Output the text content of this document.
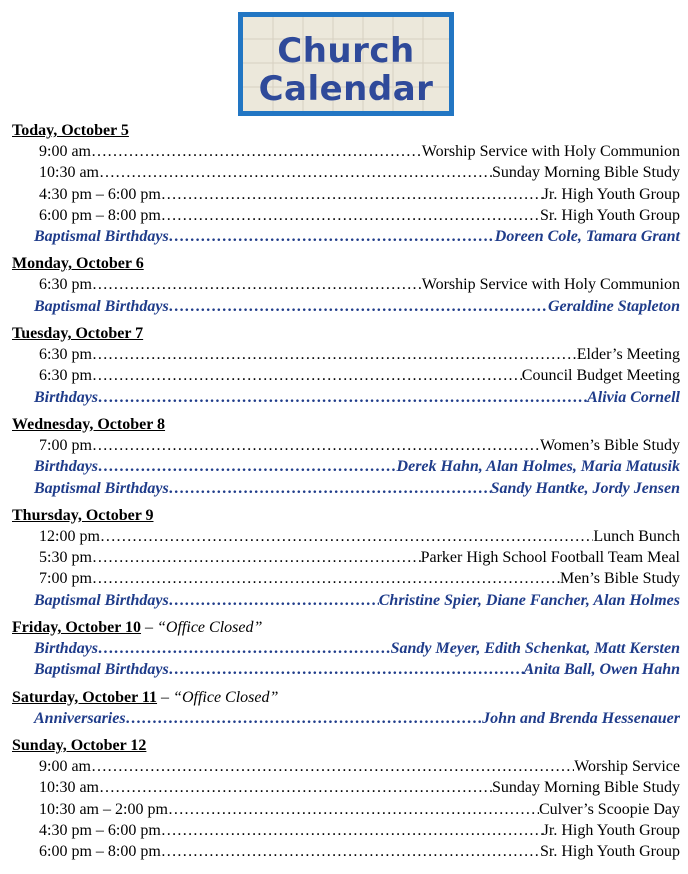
Church
Calendar
Today, October 5
9:00 am …………………………………………………………………………………………………………………………………………………………	Worship Service with Holy Communion
10:30 am …………………………………………………………………………………………………………………………………………………………	Sunday Morning Bible Study
4:30 pm – 6:00 pm …………………………………………………………………………………………………………………………………………………………	Jr. High Youth Group
6:00 pm – 8:00 pm …………………………………………………………………………………………………………………………………………………………	Sr. High Youth Group
Baptismal Birthdays …………………………………………………………………………………………………………………………………………………………	Doreen Cole, Tamara Grant
Monday, October 6
6:30 pm …………………………………………………………………………………………………………………………………………………………	Worship Service with Holy Communion
Baptismal Birthdays …………………………………………………………………………………………………………………………………………………………	Geraldine Stapleton
Tuesday, October 7
6:30 pm …………………………………………………………………………………………………………………………………………………………	Elder’s Meeting
6:30 pm …………………………………………………………………………………………………………………………………………………………	Council Budget Meeting
Birthdays …………………………………………………………………………………………………………………………………………………………	Alivia Cornell
Wednesday, October 8
7:00 pm …………………………………………………………………………………………………………………………………………………………	Women’s Bible Study
Birthdays …………………………………………………………………………………………………………………………………………………………	Derek Hahn, Alan Holmes, Maria Matusik
Baptismal Birthdays …………………………………………………………………………………………………………………………………………………………	Sandy Hantke, Jordy Jensen
Thursday, October 9
12:00 pm …………………………………………………………………………………………………………………………………………………………	Lunch Bunch
5:30 pm …………………………………………………………………………………………………………………………………………………………	Parker High School Football Team Meal
7:00 pm …………………………………………………………………………………………………………………………………………………………	Men’s Bible Study
Baptismal Birthdays …………………………………………………………………………………………………………………………………………………………	Christine Spier, Diane Fancher, Alan Holmes
Friday, October 10 – “Office Closed”
Birthdays …………………………………………………………………………………………………………………………………………………………	Sandy Meyer, Edith Schenkat, Matt Kersten
Baptismal Birthdays …………………………………………………………………………………………………………………………………………………………	Anita Ball, Owen Hahn
Saturday, October 11 – “Office Closed”
Anniversaries …………………………………………………………………………………………………………………………………………………………	John and Brenda Hessenauer
Sunday, October 12
9:00 am …………………………………………………………………………………………………………………………………………………………	Worship Service
10:30 am …………………………………………………………………………………………………………………………………………………………	Sunday Morning Bible Study
10:30 am – 2:00 pm …………………………………………………………………………………………………………………………………………………………	Culver’s Scoopie Day
4:30 pm – 6:00 pm …………………………………………………………………………………………………………………………………………………………	Jr. High Youth Group
6:00 pm – 8:00 pm …………………………………………………………………………………………………………………………………………………………	Sr. High Youth Group
